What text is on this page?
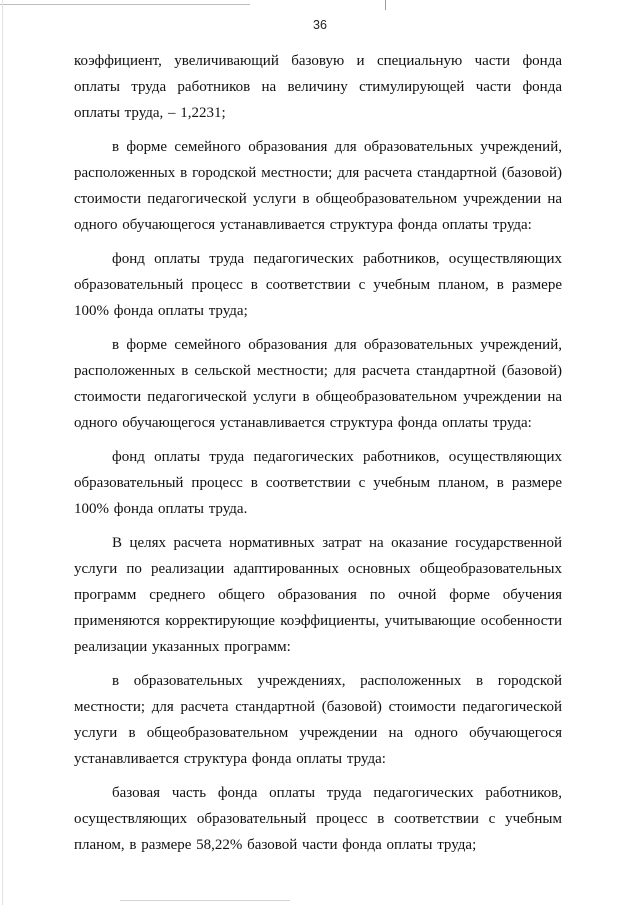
36

коэффициент, увеличивающий базовую и специальную части фонда оплаты труда работников на величину стимулирующей части фонда оплаты труда, – 1,2231;

в форме семейного образования для образовательных учреждений, расположенных в городской местности; для расчета стандартной (базовой) стоимости педагогической услуги в общеобразовательном учреждении на одного обучающегося устанавливается структура фонда оплаты труда:

фонд оплаты труда педагогических работников, осуществляющих образовательный процесс в соответствии с учебным планом, в размере 100% фонда оплаты труда;

в форме семейного образования для образовательных учреждений, расположенных в сельской местности; для расчета стандартной (базовой) стоимости педагогической услуги в общеобразовательном учреждении на одного обучающегося устанавливается структура фонда оплаты труда:

фонд оплаты труда педагогических работников, осуществляющих образовательный процесс в соответствии с учебным планом, в размере 100% фонда оплаты труда.

В целях расчета нормативных затрат на оказание государственной услуги по реализации адаптированных основных общеобразовательных программ среднего общего образования по очной форме обучения применяются корректирующие коэффициенты, учитывающие особенности реализации указанных программ:

в образовательных учреждениях, расположенных в городской местности; для расчета стандартной (базовой) стоимости педагогической услуги в общеобразовательном учреждении на одного обучающегося устанавливается структура фонда оплаты труда:

базовая часть фонда оплаты труда педагогических работников, осуществляющих образовательный процесс в соответствии с учебным планом, в размере 58,22% базовой части фонда оплаты труда;
